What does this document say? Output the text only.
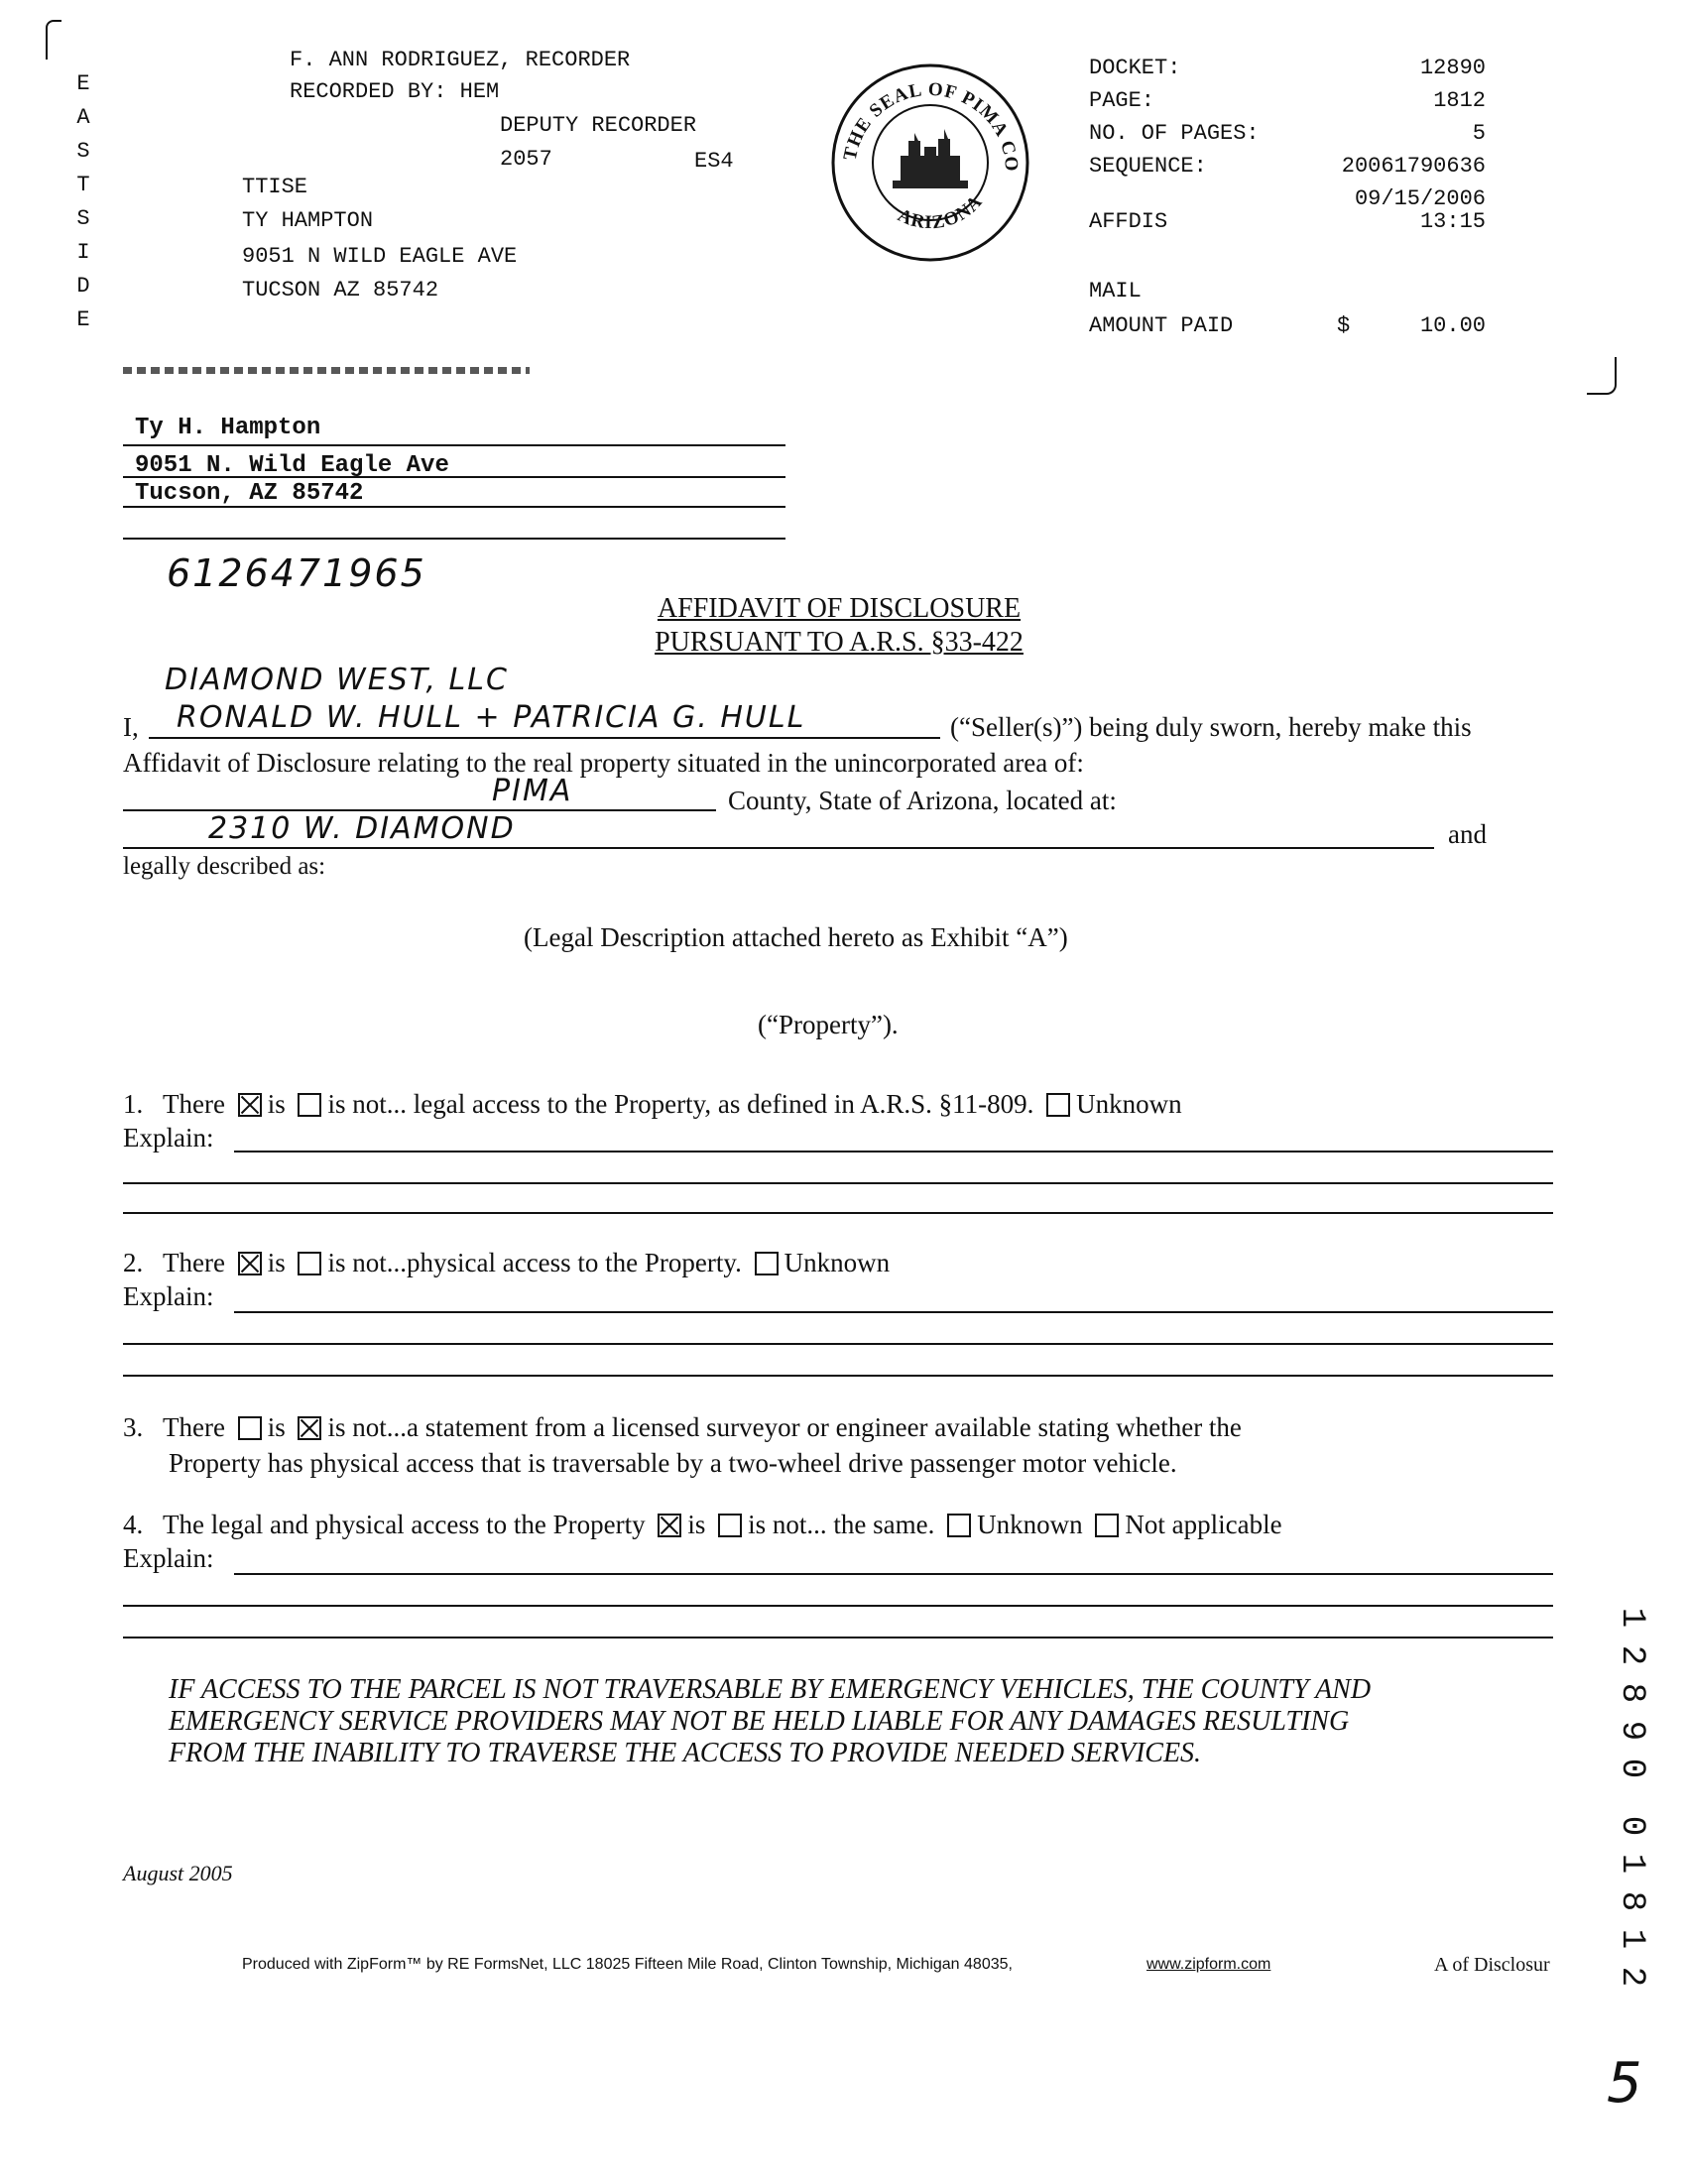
E
A
S
T
S
I
D
E
F. ANN RODRIGUEZ, RECORDER
RECORDED BY: HEM
DEPUTY RECORDER
2057	ES4
TTISE
TY HAMPTON
9051 N WILD EAGLE AVE
TUCSON AZ 85742
THE SEAL OF PIMA CO
ARIZONA
DOCKET:	12890
PAGE:	1812
NO. OF PAGES:	5
SEQUENCE:	20061790636
09/15/2006
AFFDIS	13:15
MAIL
AMOUNT PAID	$	10.00
Ty H. Hampton
9051 N. Wild Eagle Ave
Tucson, AZ 85742
6126471965
AFFIDAVIT OF DISCLOSURE
PURSUANT TO A.R.S. §33-422
DIAMOND WEST, LLC
I, RONALD W. HULL + PATRICIA G. HULL	(“Seller(s)”) being duly sworn, hereby make this
Affidavit of Disclosure relating to the real property situated in the unincorporated area of:
PIMA	County, State of Arizona, located at:
2310 W. DIAMOND	and
legally described as:
(Legal Description attached hereto as Exhibit “A”)
(“Property”).
1. There is is not... legal access to the Property, as defined in A.R.S. §11-809. Unknown
Explain:
2. There is is not...physical access to the Property. Unknown
Explain:
3. There is is not...a statement from a licensed surveyor or engineer available stating whether the
Property has physical access that is traversable by a two-wheel drive passenger motor vehicle.
4. The legal and physical access to the Property is is not... the same. Unknown Not applicable
Explain:
IF ACCESS TO THE PARCEL IS NOT TRAVERSABLE BY EMERGENCY VEHICLES, THE COUNTY AND EMERGENCY SERVICE PROVIDERS MAY NOT BE HELD LIABLE FOR ANY DAMAGES RESULTING FROM THE INABILITY TO TRAVERSE THE ACCESS TO PROVIDE NEEDED SERVICES.
August 2005
1
2
8
9
0
0
1
8
1
2
Produced with ZipForm™ by RE FormsNet, LLC 18025 Fifteen Mile Road, Clinton Township, Michigan 48035,	www.zipform.com	A of Disclosur
5
